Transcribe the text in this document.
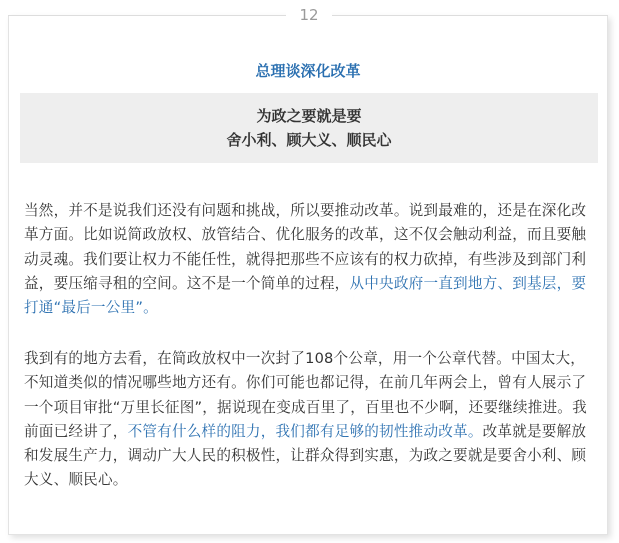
12
总理谈深化改革
为政之要就是要
舍小利、顾大义、顺民心

当然，并不是说我们还没有问题和挑战，所以要推动改革。说到最难的，还是在深化改革方面。比如说简政放权、放管结合、优化服务的改革，这不仅会触动利益，而且要触动灵魂。我们要让权力不能任性，就得把那些不应该有的权力砍掉，有些涉及到部门利益，要压缩寻租的空间。这不是一个简单的过程，从中央政府一直到地方、到基层，要打通“最后一公里”。

我到有的地方去看，在简政放权中一次封了108个公章，用一个公章代替。中国太大，不知道类似的情况哪些地方还有。你们可能也都记得，在前几年两会上，曾有人展示了一个项目审批“万里长征图”，据说现在变成百里了，百里也不少啊，还要继续推进。我前面已经讲了，不管有什么样的阻力，我们都有足够的韧性推动改革。改革就是要解放和发展生产力，调动广大人民的积极性，让群众得到实惠，为政之要就是要舍小利、顾大义、顺民心。
